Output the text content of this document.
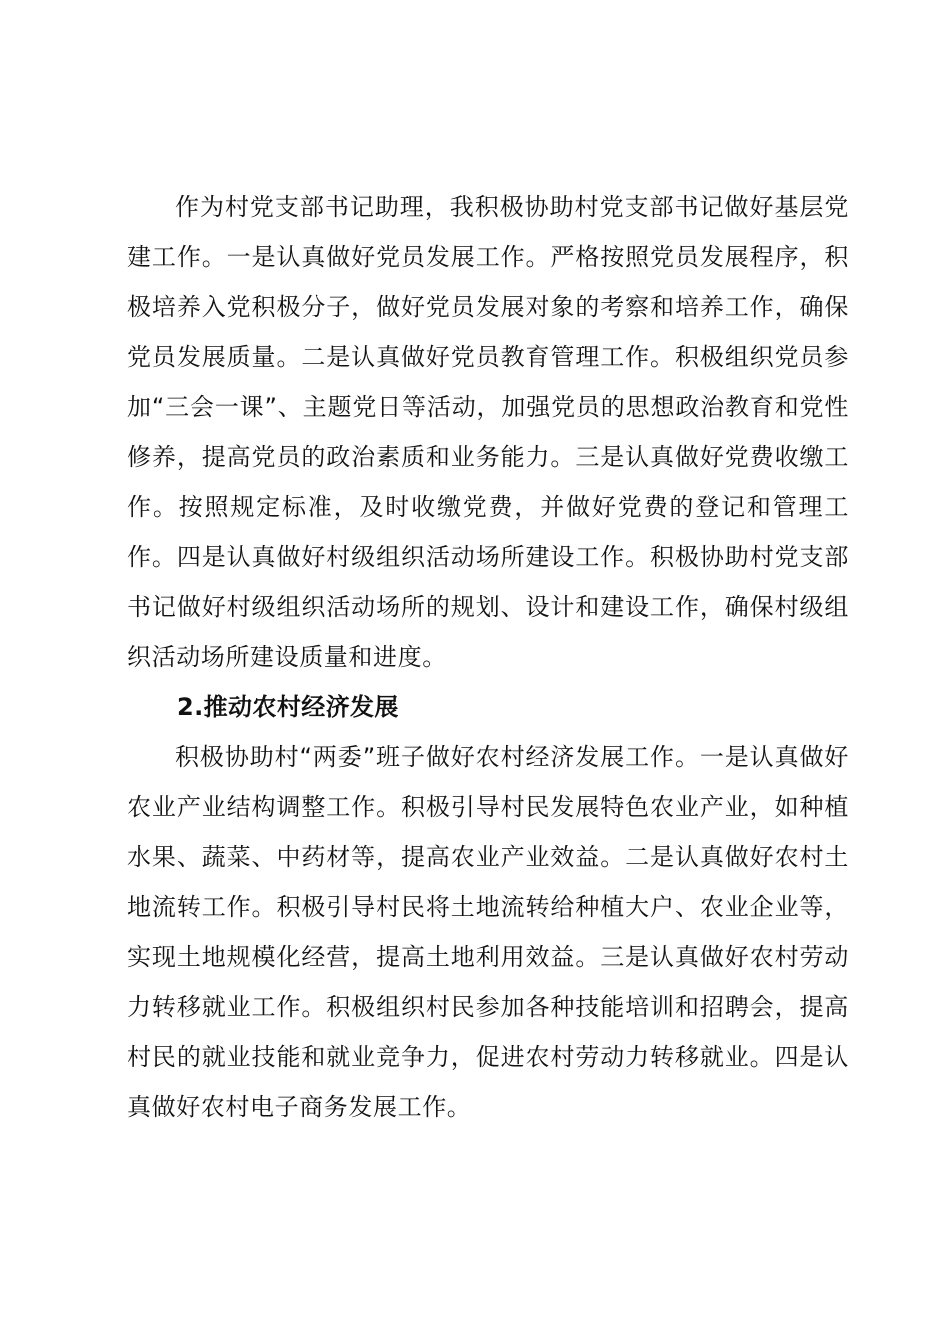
作为村党支部书记助理，我积极协助村党支部书记做好基层党建工作。一是认真做好党员发展工作。严格按照党员发展程序，积极培养入党积极分子，做好党员发展对象的考察和培养工作，确保党员发展质量。二是认真做好党员教育管理工作。积极组织党员参加“三会一课”、主题党日等活动，加强党员的思想政治教育和党性修养，提高党员的政治素质和业务能力。三是认真做好党费收缴工作。按照规定标准，及时收缴党费，并做好党费的登记和管理工作。四是认真做好村级组织活动场所建设工作。积极协助村党支部书记做好村级组织活动场所的规划、设计和建设工作，确保村级组织活动场所建设质量和进度。

2.推动农村经济发展

积极协助村“两委”班子做好农村经济发展工作。一是认真做好农业产业结构调整工作。积极引导村民发展特色农业产业，如种植水果、蔬菜、中药材等，提高农业产业效益。二是认真做好农村土地流转工作。积极引导村民将土地流转给种植大户、农业企业等，实现土地规模化经营，提高土地利用效益。三是认真做好农村劳动力转移就业工作。积极组织村民参加各种技能培训和招聘会，提高村民的就业技能和就业竞争力，促进农村劳动力转移就业。四是认真做好农村电子商务发展工作。
